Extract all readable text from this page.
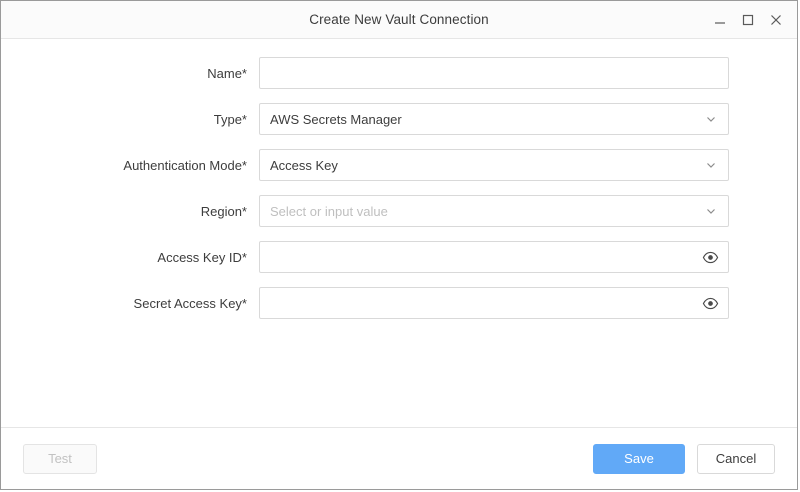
Create New Vault Connection
Name*
Type*	AWS Secrets Manager
Authentication Mode*	Access Key
Region*	Select or input value
Access Key ID*
Secret Access Key*
Test	Save	Cancel
